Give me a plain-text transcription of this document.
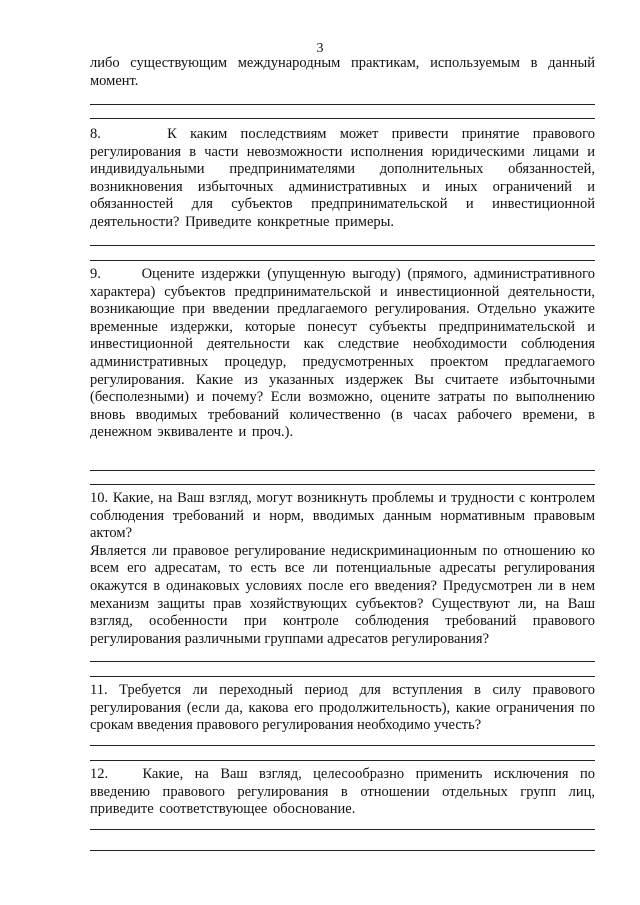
3

либо существующим международным практикам, используемым в данный момент.

8.	К каким последствиям может привести принятие правового регулирования в части невозможности исполнения юридическими лицами и индивидуальными предпринимателями дополнительных обязанностей, возникновения избыточных административных и иных ограничений и обязанностей для субъектов предпринимательской и инвестиционной деятельности? Приведите конкретные примеры.

9.	Оцените издержки (упущенную выгоду) (прямого, административного характера) субъектов предпринимательской и инвестиционной деятельности, возникающие при введении предлагаемого регулирования. Отдельно укажите временные издержки, которые понесут субъекты предпринимательской и инвестиционной деятельности как следствие необходимости соблюдения административных процедур, предусмотренных проектом предлагаемого регулирования. Какие из указанных издержек Вы считаете избыточными (бесполезными) и почему? Если возможно, оцените затраты по выполнению вновь вводимых требований количественно (в часах рабочего времени, в денежном эквиваленте и проч.).

10. Какие, на Ваш взгляд, могут возникнуть проблемы и трудности с контролем соблюдения требований и норм, вводимых данным нормативным правовым актом?

Является ли правовое регулирование недискриминационным по отношению ко всем его адресатам, то есть все ли потенциальные адресаты регулирования окажутся в одинаковых условиях после его введения? Предусмотрен ли в нем механизм защиты прав хозяйствующих субъектов? Существуют ли, на Ваш взгляд, особенности при контроле соблюдения требований правового регулирования различными группами адресатов регулирования?

11. Требуется ли переходный период для вступления в силу правового регулирования (если да, какова его продолжительность), какие ограничения по срокам введения правового регулирования необходимо учесть?

12. Какие, на Ваш взгляд, целесообразно применить исключения по введению правового регулирования в отношении отдельных групп лиц, приведите соответствующее обоснование.
